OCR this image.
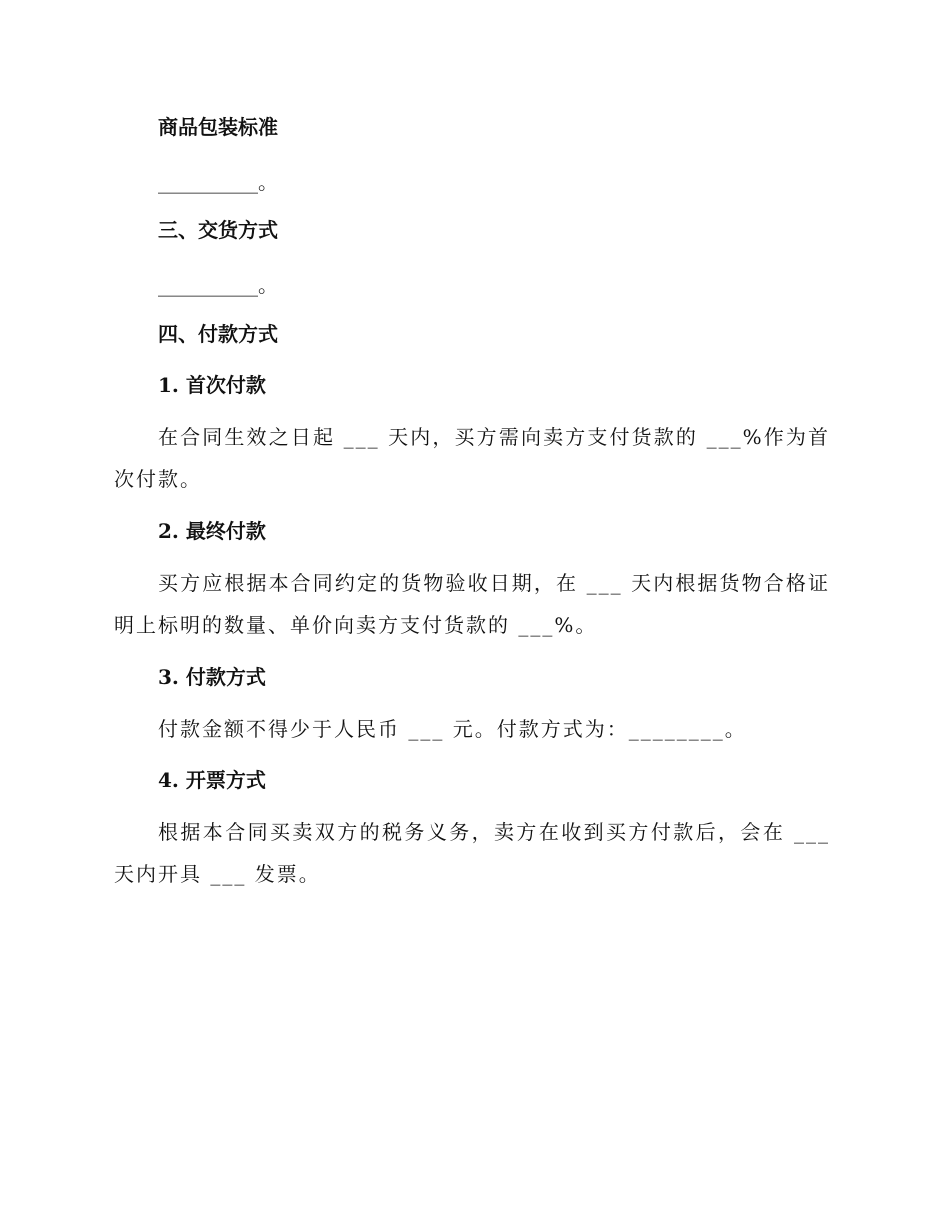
商品包装标准

__________。

三、交货方式

__________。

四、付款方式

1. 首次付款

在合同生效之日起 ___ 天内，买方需向卖方支付货款的 ___%作为首次付款。

2. 最终付款

买方应根据本合同约定的货物验收日期，在 ___ 天内根据货物合格证明上标明的数量、单价向卖方支付货款的 ___%。

3. 付款方式

付款金额不得少于人民币 ___ 元。付款方式为：________。

4. 开票方式

根据本合同买卖双方的税务义务，卖方在收到买方付款后，会在 ___ 天内开具 ___ 发票。
